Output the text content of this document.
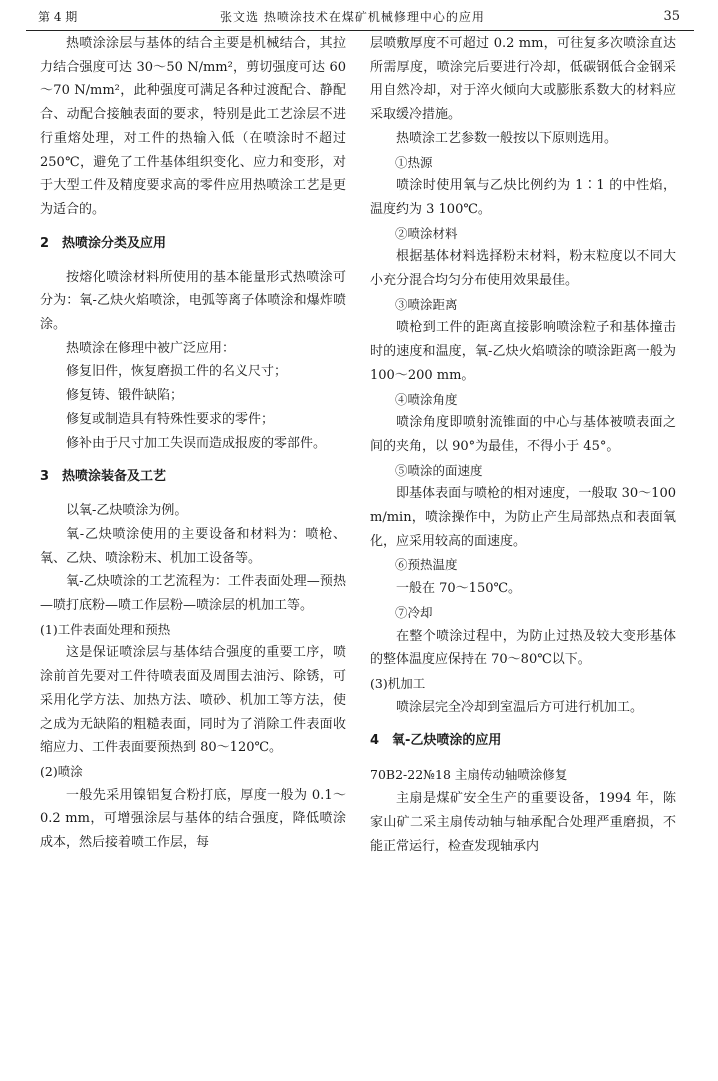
第 4 期	张文选 热喷涂技术在煤矿机械修理中心的应用	35

热喷涂涂层与基体的结合主要是机械结合，其拉力结合强度可达 30～50 N/mm²，剪切强度可达 60～70 N/mm²，此种强度可满足各种过渡配合、静配合、动配合接触表面的要求，特别是此工艺涂层不进行重熔处理，对工件的热输入低（在喷涂时不超过 250℃，避免了工件基体组织变化、应力和变形，对于大型工件及精度要求高的零件应用热喷涂工艺是更为适合的。

2 热喷涂分类及应用

按熔化喷涂材料所使用的基本能量形式热喷涂可分为：氧-乙炔火焰喷涂，电弧等离子体喷涂和爆炸喷涂。

热喷涂在修理中被广泛应用：

修复旧件，恢复磨损工件的名义尺寸；

修复铸、锻件缺陷；

修复或制造具有特殊性要求的零件；

修补由于尺寸加工失误而造成报废的零部件。

3 热喷涂装备及工艺

以氧-乙炔喷涂为例。

氧-乙炔喷涂使用的主要设备和材料为：喷枪、氧、乙炔、喷涂粉末、机加工设备等。

氧-乙炔喷涂的工艺流程为：工件表面处理—预热—喷打底粉—喷工作层粉—喷涂层的机加工等。

(1)工件表面处理和预热

这是保证喷涂层与基体结合强度的重要工序，喷涂前首先要对工件待喷表面及周围去油污、除锈，可采用化学方法、加热方法、喷砂、机加工等方法，使之成为无缺陷的粗糙表面，同时为了消除工件表面收缩应力、工件表面要预热到 80～120℃。

(2)喷涂

一般先采用镍铝复合粉打底，厚度一般为 0.1～0.2 mm，可增强涂层与基体的结合强度，降低喷涂成本，然后接着喷工作层，每

层喷敷厚度不可超过 0.2 mm，可往复多次喷涂直达所需厚度，喷涂完后要进行冷却，低碳钢低合金钢采用自然冷却，对于淬火倾向大或膨胀系数大的材料应采取缓冷措施。

热喷涂工艺参数一般按以下原则选用。

①热源

喷涂时使用氧与乙炔比例约为 1∶1 的中性焰，温度约为 3 100℃。

②喷涂材料

根据基体材料选择粉末材料，粉末粒度以不同大小充分混合均匀分布使用效果最佳。

③喷涂距离

喷枪到工件的距离直接影响喷涂粒子和基体撞击时的速度和温度，氧-乙炔火焰喷涂的喷涂距离一般为 100～200 mm。

④喷涂角度

喷涂角度即喷射流锥面的中心与基体被喷表面之间的夹角，以 90°为最佳，不得小于 45°。

⑤喷涂的面速度

即基体表面与喷枪的相对速度，一般取 30～100 m/min，喷涂操作中，为防止产生局部热点和表面氧化，应采用较高的面速度。

⑥预热温度

一般在 70～150℃。

⑦冷却

在整个喷涂过程中，为防止过热及较大变形基体的整体温度应保持在 70～80℃以下。

(3)机加工

喷涂层完全冷却到室温后方可进行机加工。

4 氧-乙炔喷涂的应用

70B2-22№18 主扇传动轴喷涂修复

主扇是煤矿安全生产的重要设备，1994 年，陈家山矿二采主扇传动轴与轴承配合处理严重磨损，不能正常运行，检查发现轴承内
